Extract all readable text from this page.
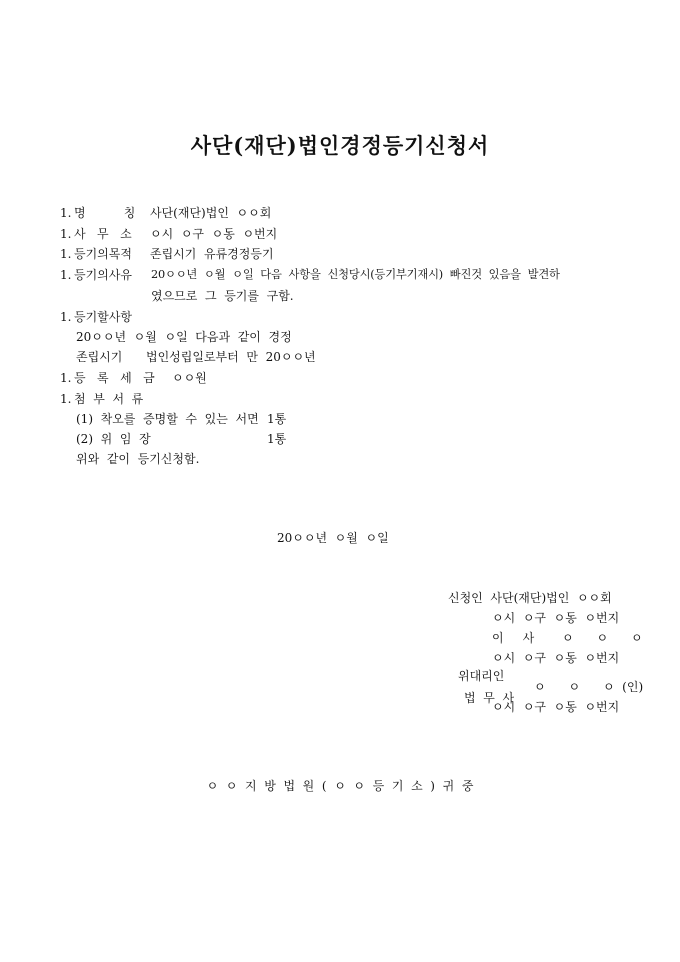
사단(재단)법인경정등기신청서
1. 명          칭 사단(재단)법인  ㅇㅇ회
1. 사   무   소 ㅇ시  ㅇ구  ㅇ동  ㅇ번지
1. 등기의목적 존립시기  유류경정등기
1. 등기의사유 20ㅇㅇ년  ㅇ월  ㅇ일  다음  사항을  신청당시(등기부기재시)  빠진것  있음을  발견하
였으므로  그  등기를  구함.
1. 등기할사항
20ㅇㅇ년  ㅇ월  ㅇ일  다음과  같이  경정
존립시기 법인성립일로부터  만  20ㅇㅇ년
1. 등   록   세   금 ㅇㅇ원
1. 첨  부  서  류
(1)  착오를  증명할  수  있는  서면 1통
(2)  위  임  장	1통
위와  같이  등기신청함.
20ㅇㅇ년  ㅇ월  ㅇ일
신청인  사단(재단)법인  ㅇㅇ회
ㅇ시  ㅇ구  ㅇ동  ㅇ번지
이     사 ㅇ      ㅇ      ㅇ
ㅇ시  ㅇ구  ㅇ동  ㅇ번지
위대리인
ㅇ      ㅇ      ㅇ  (인)
법  무  사
ㅇ시  ㅇ구  ㅇ동  ㅇ번지
ㅇ  ㅇ  지  방  법  원  (  ㅇ  ㅇ  등  기  소  )  귀  중
